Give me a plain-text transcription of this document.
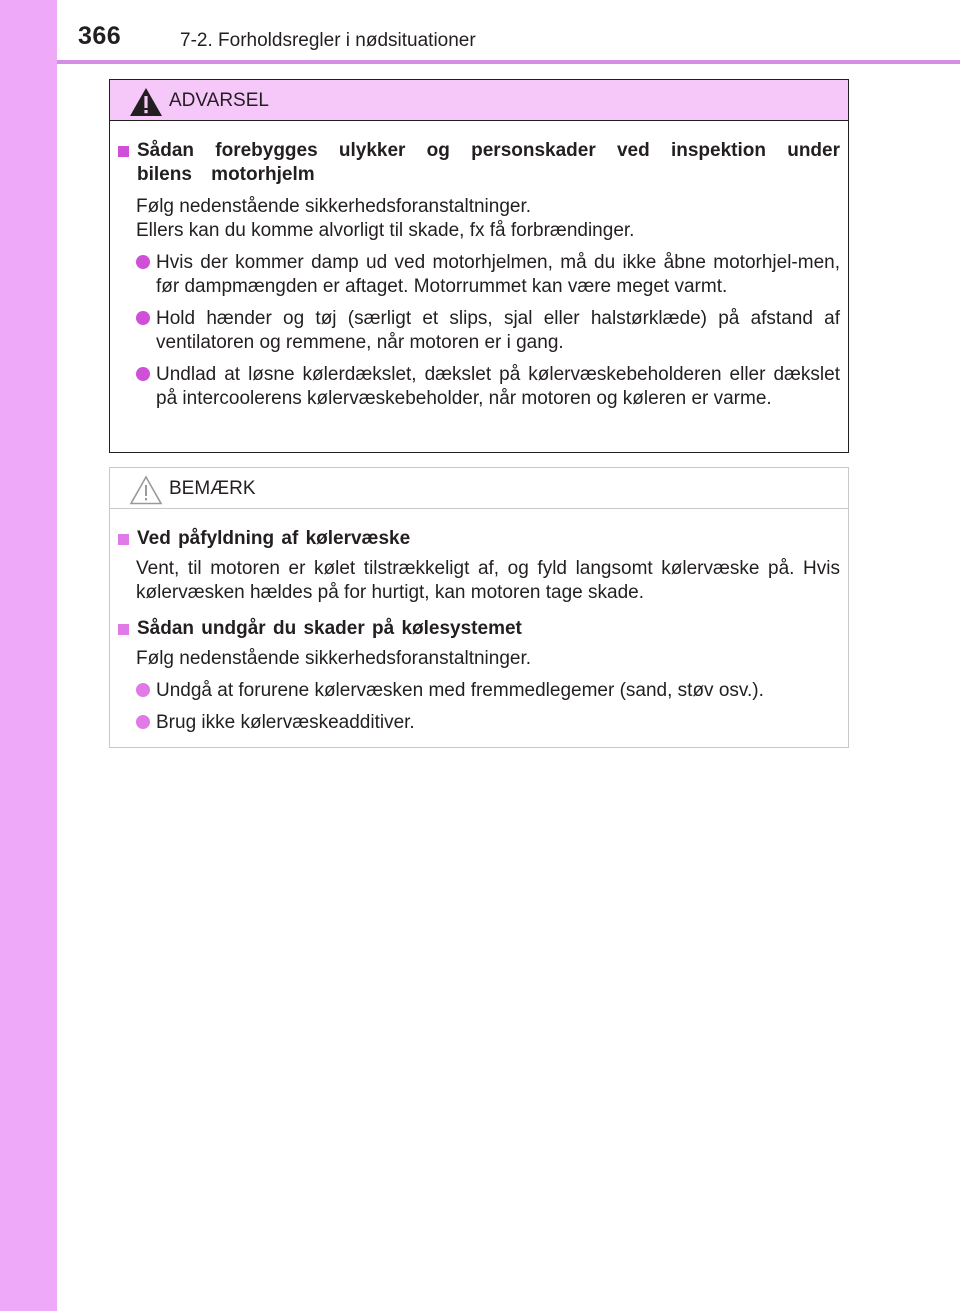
366	7-2. Forholdsregler i nødsituationer
ADVARSEL
Sådan forebygges ulykker og personskader ved inspektion under bilens motorhjelm
Følg nedenstående sikkerhedsforanstaltninger.
Ellers kan du komme alvorligt til skade, fx få forbrændinger.
Hvis der kommer damp ud ved motorhjelmen, må du ikke åbne motorhjel-men, før dampmængden er aftaget. Motorrummet kan være meget varmt.
Hold hænder og tøj (særligt et slips, sjal eller halstørklæde) på afstand af ventilatoren og remmene, når motoren er i gang.
Undlad at løsne kølerdækslet, dækslet på kølervæskebeholderen eller dækslet på intercoolerens kølervæskebeholder, når motoren og køleren er varme.
BEMÆRK
Ved påfyldning af kølervæske
Vent, til motoren er kølet tilstrækkeligt af, og fyld langsomt kølervæske på. Hvis kølervæsken hældes på for hurtigt, kan motoren tage skade.
Sådan undgår du skader på kølesystemet
Følg nedenstående sikkerhedsforanstaltninger.
Undgå at forurene kølervæsken med fremmedlegemer (sand, støv osv.).
Brug ikke kølervæskeadditiver.
